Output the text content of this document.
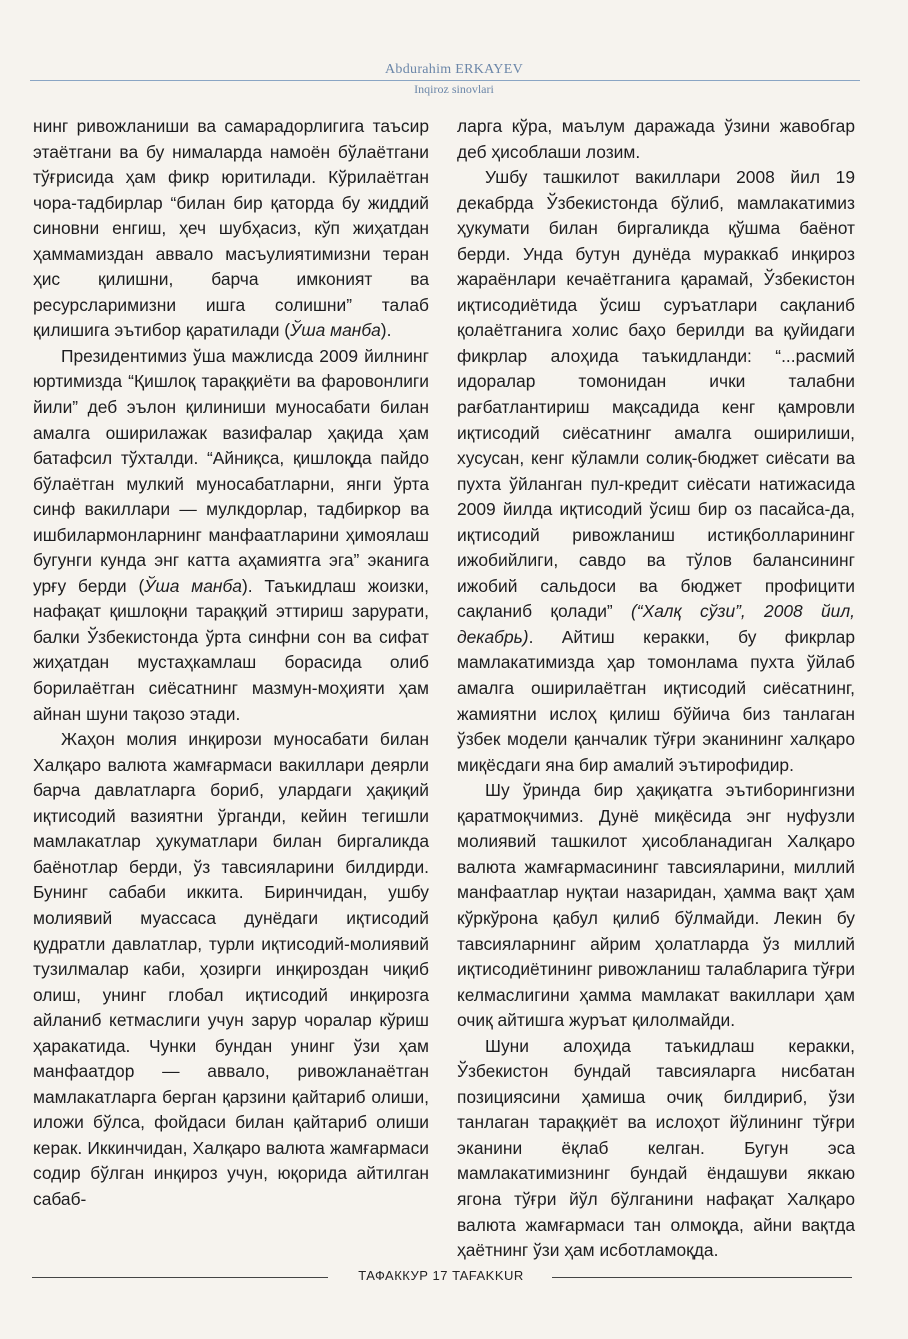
Abdurahim ERKAYEV
Inqiroz sinovlari

нинг ривожланиши ва самарадорлигига таъсир этаётгани ва бу нималарда намоён бўлаётгани тўғрисида ҳам фикр юритилади. Кўрилаётган чора-тадбирлар “билан бир қаторда бу жиддий синовни енгиш, ҳеч шубҳасиз, кўп жиҳатдан ҳаммамиздан аввало масъулиятимизни теран ҳис қилишни, барча имконият ва ресурсларимизни ишга солишни” талаб қилишига эътибор қаратилади (Ўша манба).

Президентимиз ўша мажлисда 2009 йилнинг юртимизда “Қишлоқ тараққиёти ва фаровонлиги йили” деб эълон қилиниши муносабати билан амалга оширилажак вазифалар ҳақида ҳам батафсил тўхталди. “Айниқса, қишлоқда пайдо бўлаётган мулкий муносабатларни, янги ўрта синф вакиллари — мулкдорлар, тадбиркор ва ишбилармонларнинг манфаатларини ҳимоялаш бугунги кунда энг катта аҳамиятга эга” эканига урғу берди (Ўша манба). Таъкидлаш жоизки, нафақат қишлоқни тараққий эттириш зарурати, балки Ўзбекистонда ўрта синфни сон ва сифат жиҳатдан мустаҳкамлаш борасида олиб борилаётган сиёсатнинг мазмун-моҳияти ҳам айнан шуни тақозо этади.

Жаҳон молия инқирози муносабати билан Халқаро валюта жамғармаси вакиллари деярли барча давлатларга бориб, улардаги ҳақиқий иқтисодий вазиятни ўрганди, кейин тегишли мамлакатлар ҳукуматлари билан биргаликда баёнотлар берди, ўз тавсияларини билдирди. Бунинг сабаби иккита. Биринчидан, ушбу молиявий муассаса дунёдаги иқтисодий қудратли давлатлар, турли иқтисодий-молиявий тузилмалар каби, ҳозирги инқироздан чиқиб олиш, унинг глобал иқтисодий инқирозга айланиб кетмаслиги учун зарур чоралар кўриш ҳаракатида. Чунки бундан унинг ўзи ҳам манфаатдор — аввало, ривожланаётган мамлакатларга берган қарзини қайтариб олиши, иложи бўлса, фойдаси билан қайтариб олиши керак. Иккинчидан, Халқаро валюта жамғармаси содир бўлган инқироз учун, юқорида айтилган сабаб-

ларга кўра, маълум даражада ўзини жавобгар деб ҳисоблаши лозим.

Ушбу ташкилот вакиллари 2008 йил 19 декабрда Ўзбекистонда бўлиб, мамлакатимиз ҳукумати билан биргаликда қўшма баёнот берди. Унда бутун дунёда мураккаб инқироз жараёнлари кечаётганига қарамай, Ўзбекистон иқтисодиётида ўсиш суръатлари сақланиб қолаётганига холис баҳо берилди ва қуйидаги фикрлар алоҳида таъкидланди: “...расмий идоралар томонидан ички талабни рағбатлантириш мақсадида кенг қамровли иқтисодий сиёсатнинг амалга оширилиши, хусусан, кенг кўламли солиқ-бюджет сиёсати ва пухта ўйланган пул-кредит сиёсати натижасида 2009 йилда иқтисодий ўсиш бир оз пасайса-да, иқтисодий ривожланиш истиқболларининг ижобийлиги, савдо ва тўлов балансининг ижобий сальдоси ва бюджет профицити сақланиб қолади” (“Халқ сўзи”, 2008 йил, декабрь). Айтиш керакки, бу фикрлар мамлакатимизда ҳар томонлама пухта ўйлаб амалга оширилаётган иқтисодий сиёсатнинг, жамиятни ислоҳ қилиш бўйича биз танлаган ўзбек модели қанчалик тўғри эканининг халқаро миқёсдаги яна бир амалий эътирофидир.

Шу ўринда бир ҳақиқатга эътиборингизни қаратмоқчимиз. Дунё миқёсида энг нуфузли молиявий ташкилот ҳисобланадиган Халқаро валюта жамғармасининг тавсияларини, миллий манфаатлар нуқтаи назаридан, ҳамма вақт ҳам кўркўрона қабул қилиб бўлмайди. Лекин бу тавсияларнинг айрим ҳолатларда ўз миллий иқтисодиётининг ривожланиш талабларига тўғри келмаслигини ҳамма мамлакат вакиллари ҳам очиқ айтишга журъат қилолмайди.

Шуни алоҳида таъкидлаш керакки, Ўзбекистон бундай тавсияларга нисбатан позициясини ҳамиша очиқ билдириб, ўзи танлаган тараққиёт ва ислоҳот йўлининг тўғри эканини ёқлаб келган. Бугун эса мамлакатимизнинг бундай ёндашуви яккаю ягона тўғри йўл бўлганини нафақат Халқаро валюта жамғармаси тан олмоқда, айни вақтда ҳаётнинг ўзи ҳам исботламоқда.

ТАФАККУР 17 TAFAKKUR
